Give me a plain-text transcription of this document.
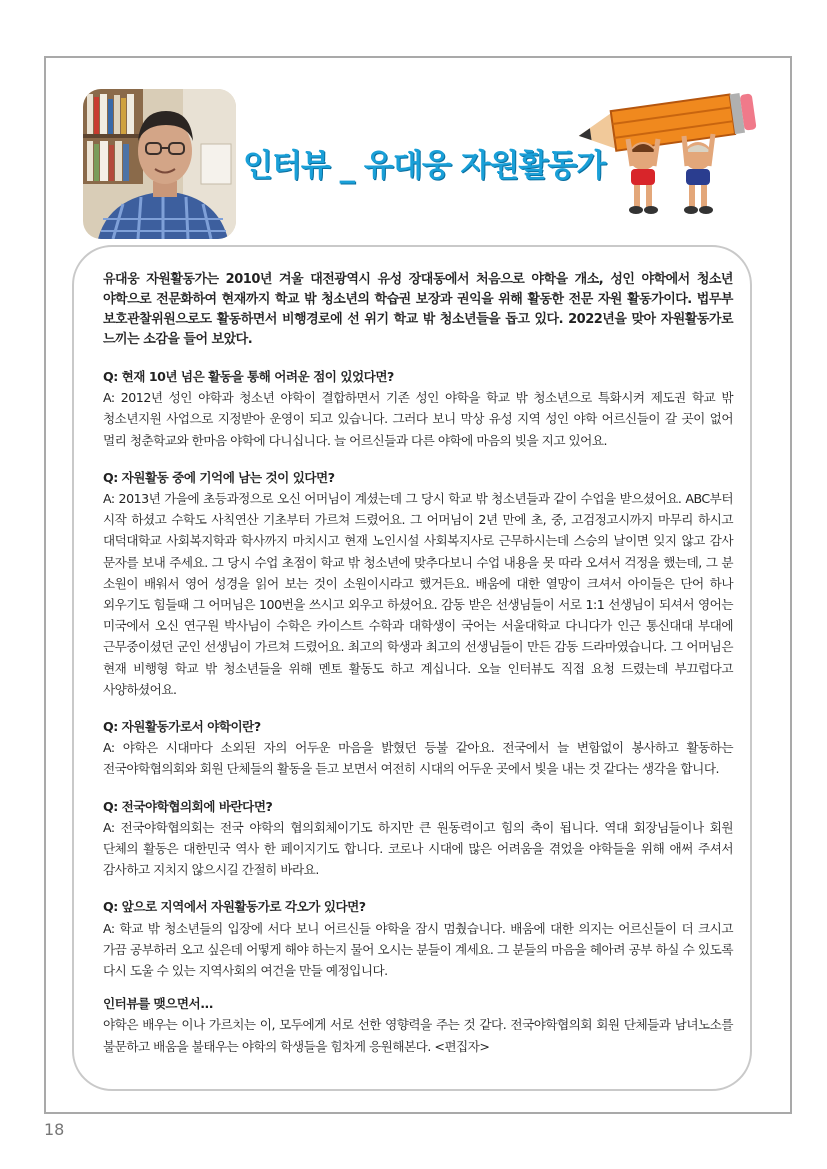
인터뷰 _ 유대웅 자원활동가

유대웅 자원활동가는 2010년 겨울 대전광역시 유성 장대동에서 처음으로 야학을 개소, 성인 야학에서 청소년 야학으로 전문화하여 현재까지 학교 밖 청소년의 학습권 보장과 권익을 위해 활동한 전문 자원 활동가이다. 법무부 보호관찰위원으로도 활동하면서 비행경로에 선 위기 학교 밖 청소년들을 돕고 있다. 2022년을 맞아 자원활동가로 느끼는 소감을 들어 보았다.

Q: 현재 10년 넘은 활동을 통해 어려운 점이 있었다면?

A: 2012년 성인 야학과 청소년 야학이 결합하면서 기존 성인 야학을 학교 밖 청소년으로 특화시켜 제도권 학교 밖 청소년지원 사업으로 지정받아 운영이 되고 있습니다. 그러다 보니 막상 유성 지역 성인 야학 어르신들이 갈 곳이 없어 멀리 청춘학교와 한마음 야학에 다니십니다. 늘 어르신들과 다른 야학에 마음의 빚을 지고 있어요.

Q: 자원활동 중에 기억에 남는 것이 있다면?

A: 2013년 가을에 초등과정으로 오신 어머님이 계셨는데 그 당시 학교 밖 청소년들과 같이 수업을 받으셨어요. ABC부터 시작 하셨고 수학도 사칙연산 기초부터 가르쳐 드렸어요. 그 어머님이 2년 만에 초, 중, 고검정고시까지 마무리 하시고 대덕대학교 사회복지학과 학사까지 마치시고 현재 노인시설 사회복지사로 근무하시는데 스승의 날이면 잊지 않고 감사 문자를 보내 주세요. 그 당시 수업 초점이 학교 밖 청소년에 맞추다보니 수업 내용을 못 따라 오셔서 걱정을 했는데, 그 분 소원이 배워서 영어 성경을 읽어 보는 것이 소원이시라고 했거든요. 배움에 대한 열망이 크셔서 아이들은 단어 하나 외우기도 힘들때 그 어머님은 100번을 쓰시고 외우고 하셨어요. 감동 받은 선생님들이 서로 1:1 선생님이 되셔서 영어는 미국에서 오신 연구원 박사님이 수학은 카이스트 수학과 대학생이 국어는 서울대학교 다니다가 인근 통신대대 부대에 근무중이셨던 군인 선생님이 가르쳐 드렸어요. 최고의 학생과 최고의 선생님들이 만든 감동 드라마였습니다. 그 어머님은 현재 비행형 학교 밖 청소년들을 위해 멘토 활동도 하고 계십니다. 오늘 인터뷰도 직접 요청 드렸는데 부끄럽다고 사양하셨어요.

Q: 자원활동가로서 야학이란?

A: 야학은 시대마다 소외된 자의 어두운 마음을 밝혔던 등불 같아요. 전국에서 늘 변함없이 봉사하고 활동하는 전국야학협의회와 회원 단체들의 활동을 듣고 보면서 여전히 시대의 어두운 곳에서 빛을 내는 것 같다는 생각을 합니다.

Q: 전국야학협의회에 바란다면?

A: 전국야학협의회는 전국 야학의 협의회체이기도 하지만 큰 원동력이고 힘의 축이 됩니다. 역대 회장님들이나 회원 단체의 활동은 대한민국 역사 한 페이지기도 합니다. 코로나 시대에 많은 어려움을 겪었을 야학들을 위해 애써 주셔서 감사하고 지치지 않으시길 간절히 바라요.

Q: 앞으로 지역에서 자원활동가로 각오가 있다면?

A: 학교 밖 청소년들의 입장에 서다 보니 어르신들 야학을 잠시 멈췄습니다. 배움에 대한 의지는 어르신들이 더 크시고 가끔 공부하러 오고 싶은데 어떻게 해야 하는지 물어 오시는 분들이 계세요. 그 분들의 마음을 헤아려 공부 하실 수 있도록 다시 도울 수 있는 지역사회의 여건을 만들 예정입니다.

인터뷰를 맺으면서...

야학은 배우는 이나 가르치는 이, 모두에게 서로 선한 영향력을 주는 것 같다. 전국야학협의회 회원 단체들과 남녀노소를 불문하고 배움을 불태우는 야학의 학생들을 힘차게 응원해본다. <편집자>

18
